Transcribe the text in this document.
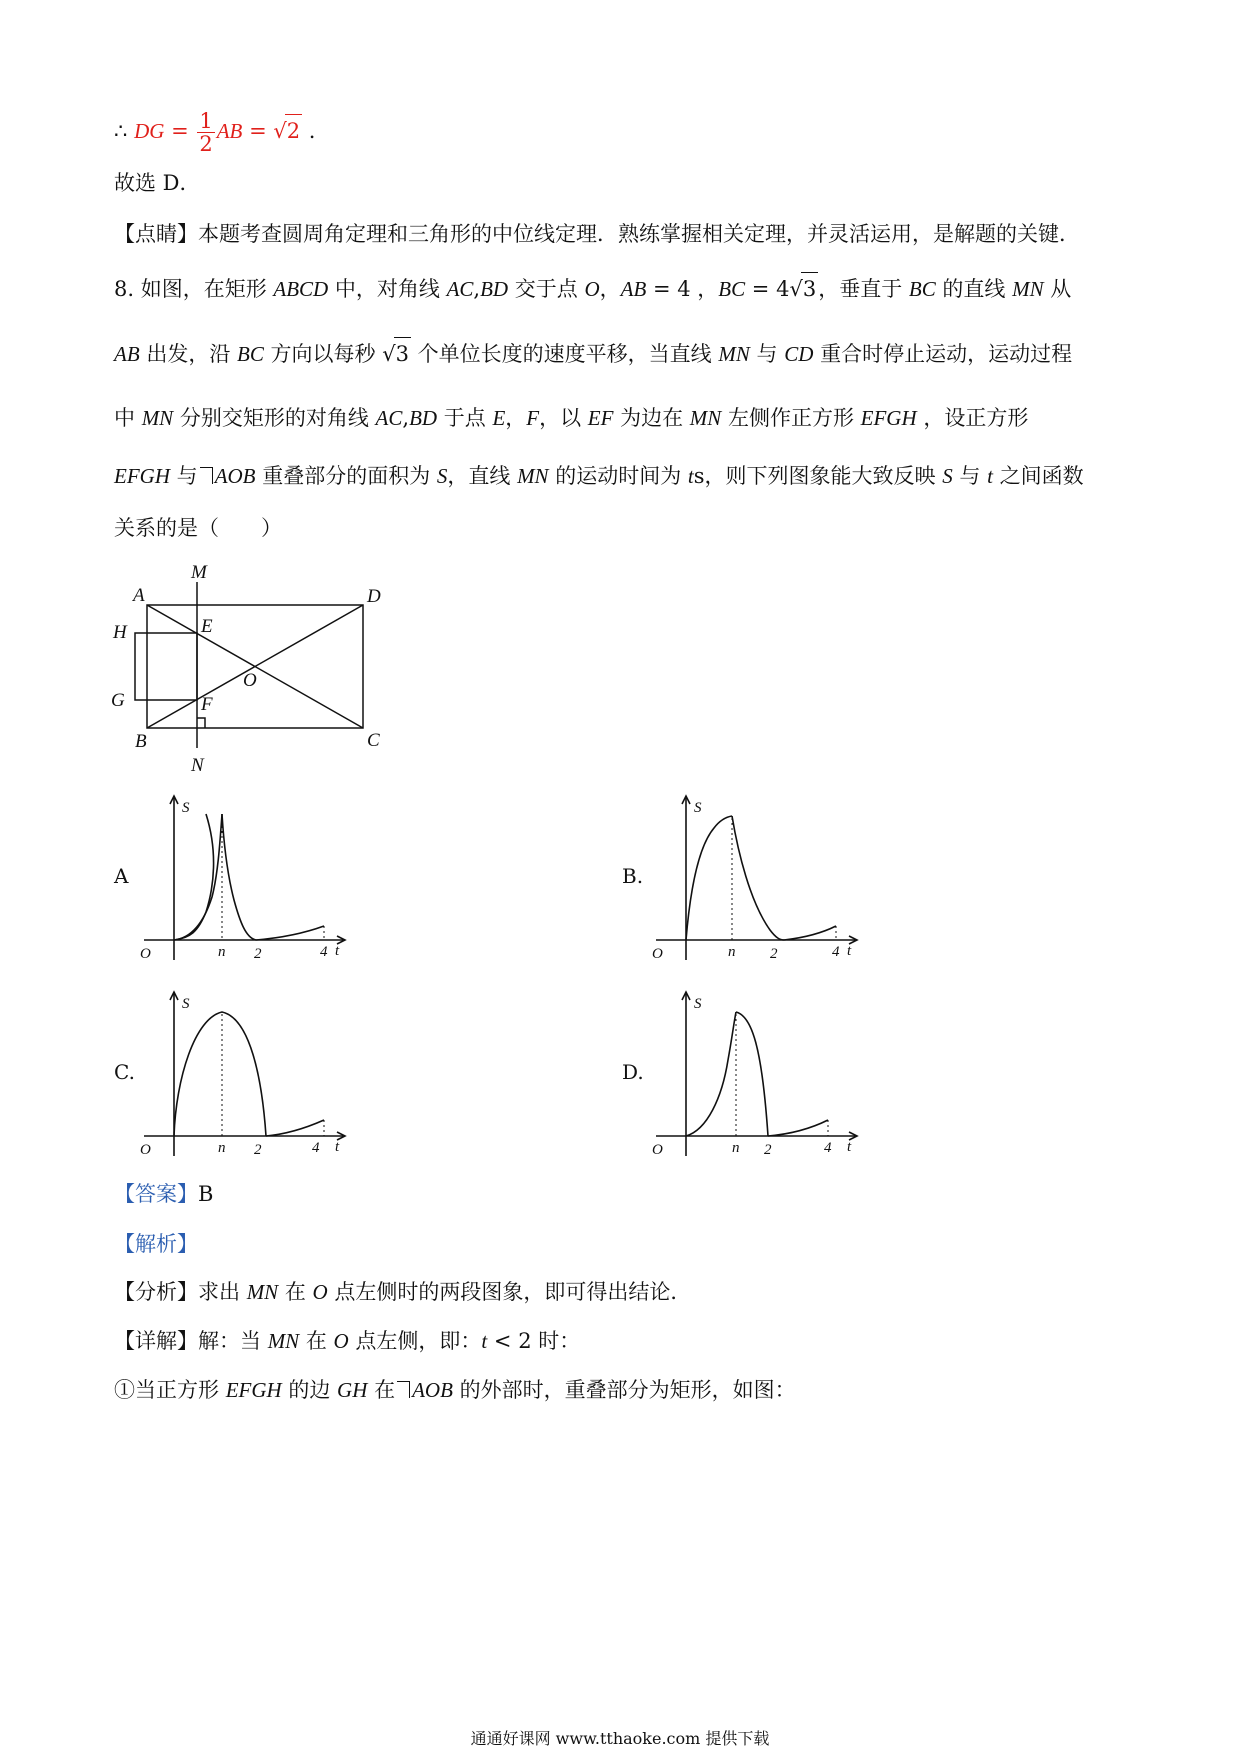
∴ DG = $\frac{1}{2}$ AB = √2 .
故选 D．
【点睛】本题考查圆周角定理和三角形的中位线定理．熟练掌握相关定理，并灵活运用，是解题的关键．
8. 如图，在矩形 ABCD 中，对角线 AC,BD 交于点 O，AB = 4 ，BC = 4√3，垂直于 BC 的直线 MN 从
AB 出发，沿 BC 方向以每秒 √3 个单位长度的速度平移，当直线 MN 与 CD 重合时停止运动，运动过程
中 MN 分别交矩形的对角线 AC,BD 于点 E，F，以 EF 为边在 MN 左侧作正方形 EFGH ，设正方形
EFGH 与 AOB 重叠部分的面积为 S，直线 MN 的运动时间为 ts，则下列图象能大致反映 S 与 t 之间函数
关系的是（　　）
A
M
D
H	E
O
G	F
B	C
N
A	B.
C.	D.
S
O	n 2	4 t
S
O	n 2	4 t
S
O	n 2	4 t
S
O	n 2	4 t
【答案】B
【解析】
【分析】求出 MN 在 O 点左侧时的两段图象，即可得出结论．
【详解】解：当 MN 在 O 点左侧，即：t < 2 时：
①当正方形 EFGH 的边 GH 在 AOB 的外部时，重叠部分为矩形，如图：
通通好课网 www.tthaoke.com 提供下载
